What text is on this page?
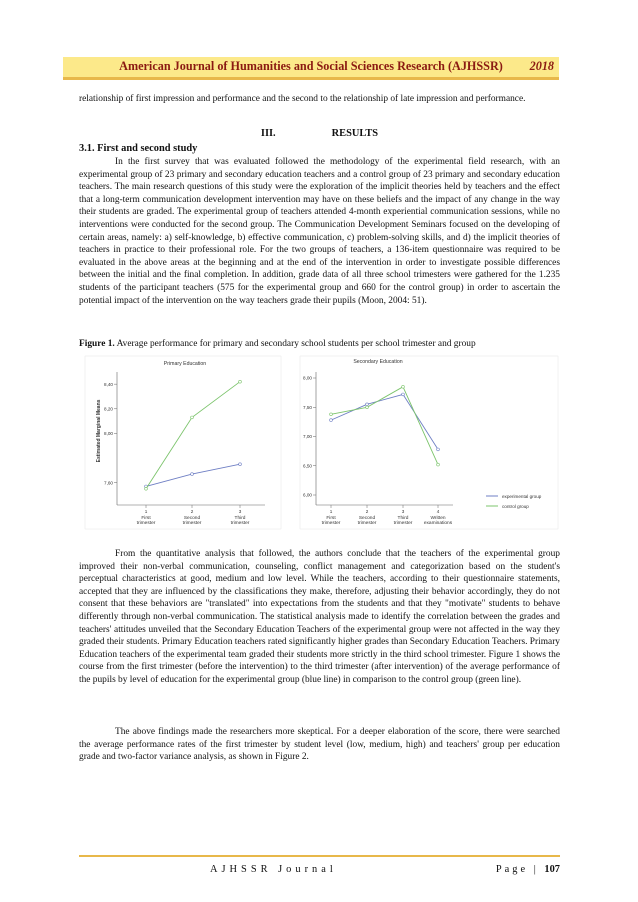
American Journal of Humanities and Social Sciences Research (AJHSSR)	2018

relationship of first impression and performance and the second to the relationship of late impression and performance.

III.	RESULTS
3.1. First and second study

In the first survey that was evaluated followed the methodology of the experimental field research, with an experimental group of 23 primary and secondary education teachers and a control group of 23 primary and secondary education teachers. The main research questions of this study were the exploration of the implicit theories held by teachers and the effect that a long-term communication development intervention may have on these beliefs and the impact of any change in the way their students are graded. The experimental group of teachers attended 4-month experiential communication sessions, while no interventions were conducted for the second group. The Communication Development Seminars focused on the developing of certain areas, namely: a) self-knowledge, b) effective communication, c) problem-solving skills, and d) the implicit theories of teachers in practice to their professional role. For the two groups of teachers, a 136-item questionnaire was required to be evaluated in the above areas at the beginning and at the end of the intervention in order to investigate possible differences between the initial and the final completion. In addition, grade data of all three school trimesters were gathered for the 1.235 students of the participant teachers (575 for the experimental group and 660 for the control group) in order to ascertain the potential impact of the intervention on the way teachers grade their pupils (Moon, 2004: 51).

Figure 1. Average performance for primary and secondary school students per school trimester and group
Primary Education
Estimated Marginal Means
7,60
8,00
8,20
8,40
1
First
trimester
2
Second
trimester
3
Third
trimester
Secondary Education
6,00
6,50
7,00
7,50
8,00
1
First
trimester
2
Second
trimester
3
Third
trimester
4
Written
examinations
experimental group
control group

From the quantitative analysis that followed, the authors conclude that the teachers of the experimental group improved their non-verbal communication, counseling, conflict management and categorization based on the student's perceptual characteristics at good, medium and low level. While the teachers, according to their questionnaire statements, accepted that they are influenced by the classifications they make, therefore, adjusting their behavior accordingly, they do not consent that these behaviors are "translated" into expectations from the students and that they "motivate" students to behave differently through non-verbal communication. The statistical analysis made to identify the correlation between the grades and teachers' attitudes unveiled that the Secondary Education Teachers of the experimental group were not affected in the way they graded their students. Primary Education teachers rated significantly higher grades than Secondary Education Teachers. Primary Education teachers of the experimental team graded their students more strictly in the third school trimester. Figure 1 shows the course from the first trimester (before the intervention) to the third trimester (after intervention) of the average performance of the pupils by level of education for the experimental group (blue line) in comparison to the control group (green line).

The above findings made the researchers more skeptical. For a deeper elaboration of the score, there were searched the average performance rates of the first trimester by student level (low, medium, high) and teachers' group per education grade and two-factor variance analysis, as shown in Figure 2.

AJHSSR Journal	Page | 107
